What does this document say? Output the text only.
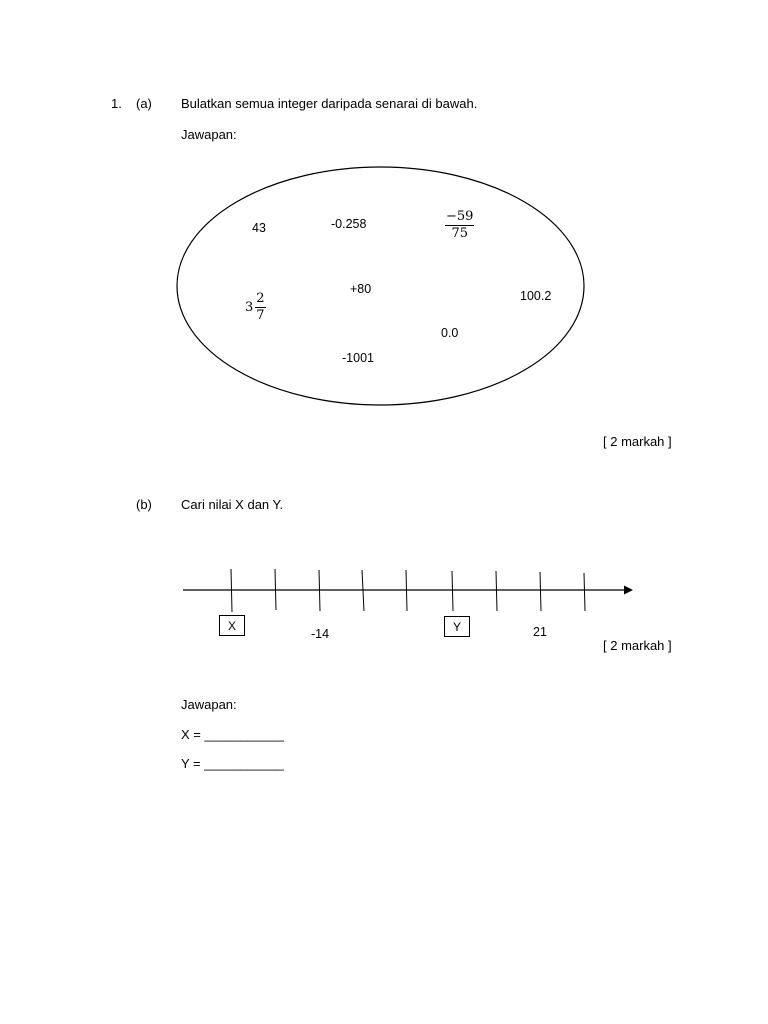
1. (a) Bulatkan semua integer daripada senarai di bawah.
Jawapan:
43	-0.258	$\frac{-59}{75}$
$3 \frac{2}{7}$
+80	100.2
0.0
-1001
[ 2 markah ]
(b) Cari nilai X dan Y.
X	Y
-14	21
[ 2 markah ]
Jawapan:
X = ___________
Y = ___________
